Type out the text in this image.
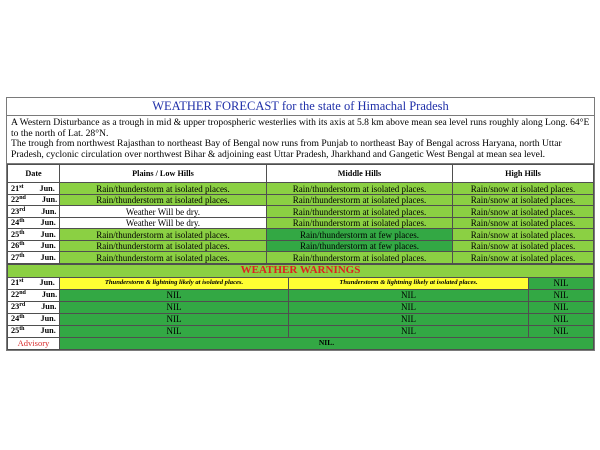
WEATHER FORECAST for the state of Himachal Pradesh

A Western Disturbance as a trough in mid & upper tropospheric westerlies with its axis at 5.8 km above mean sea level runs roughly along Long. 64°E to the north of Lat. 28°N.

The trough from northwest Rajasthan to northeast Bay of Bengal now runs from Punjab to northeast Bay of Bengal across Haryana, north Uttar Pradesh, cyclonic circulation over northwest Bihar & adjoining east Uttar Pradesh, Jharkhand and Gangetic West Bengal at mean sea level.

Date	Plains / Low Hills	Middle Hills	High Hills
21st Jun.	Rain/thunderstorm at isolated places.	Rain/thunderstorm at isolated places.	Rain/snow at isolated places.
22nd Jun.	Rain/thunderstorm at isolated places.	Rain/thunderstorm at isolated places.	Rain/snow at isolated places.
23rd Jun.	Weather Will be dry.	Rain/thunderstorm at isolated places.	Rain/snow at isolated places.
24th Jun.	Weather Will be dry.	Rain/thunderstorm at isolated places.	Rain/snow at isolated places.
25th Jun.	Rain/thunderstorm at isolated places.	Rain/thunderstorm at few places.	Rain/snow at isolated places.
26th Jun.	Rain/thunderstorm at isolated places.	Rain/thunderstorm at few places.	Rain/snow at isolated places.
27th Jun.	Rain/thunderstorm at isolated places.	Rain/thunderstorm at isolated places.	Rain/snow at isolated places.
WEATHER WARNINGS			
21st Jun.	Thunderstorm & lightning likely at isolated places.	Thunderstorm & lightning likely at isolated places.	NIL
22nd Jun.	NIL	NIL	NIL
23rd Jun.	NIL	NIL	NIL
24th Jun.	NIL	NIL	NIL
25th Jun.	NIL	NIL	NIL
Advisory	NIL.		
